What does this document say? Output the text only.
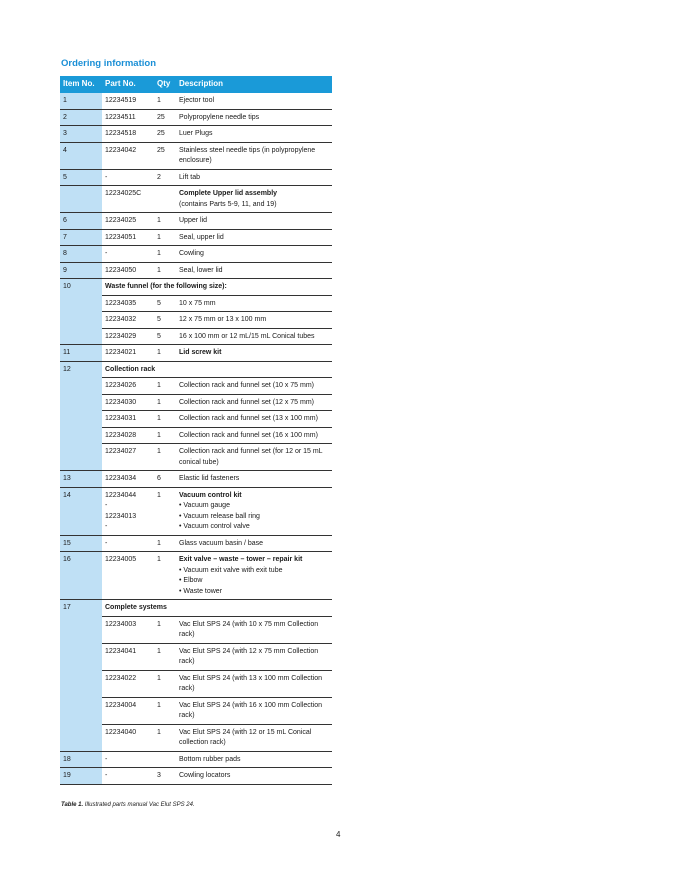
Ordering information
Item No.	Part No.	Qty	Description
1	12234519	1	Ejector tool

2	12234511	25	Polypropylene needle tips

3	12234518	25	Luer Plugs

4	12234042	25	Stainless steel needle tips (in polypropylene enclosure)

5	-	2	Lift tab

	12234025C		Complete Upper lid assembly
(contains Parts 5-9, 11, and 19)

6	12234025	1	Upper lid

7	12234051	1	Seal, upper lid

8	-	1	Cowling

9	12234050	1	Seal, lower lid

10	Waste funnel (for the following size):		

	12234035	5	10 x 75 mm

	12234032	5	12 x 75 mm or 13 x 100 mm

	12234029	5	16 x 100 mm or 12 mL/15 mL Conical tubes

11	12234021	1	Lid screw kit

12	Collection rack		

	12234026	1	Collection rack and funnel set (10 x 75 mm)

	12234030	1	Collection rack and funnel set (12 x 75 mm)

	12234031	1	Collection rack and funnel set (13 x 100 mm)

	12234028	1	Collection rack and funnel set (16 x 100 mm)

	12234027	1	Collection rack and funnel set (for 12 or 15 mL conical tube)

13	12234034	6	Elastic lid fasteners

14	12234044
-
12234013
-	1	Vacuum control kit
• Vacuum gauge
• Vacuum release ball ring
• Vacuum control valve

15	-	1	Glass vacuum basin / base

16	12234005	1	Exit valve – waste – tower – repair kit
• Vacuum exit valve with exit tube
• Elbow
• Waste tower

17	Complete systems		

	12234003	1	Vac Elut SPS 24 (with 10 x 75 mm Collection rack)

	12234041	1	Vac Elut SPS 24 (with 12 x 75 mm Collection rack)

	12234022	1	Vac Elut SPS 24 (with 13 x 100 mm Collection rack)

	12234004	1	Vac Elut SPS 24 (with 16 x 100 mm Collection rack)

	12234040	1	Vac Elut SPS 24 (with 12 or 15 mL Conical collection rack)

18	-		Bottom rubber pads

19	-	3	Cowling locators
Table 1. Illustrated parts manual Vac Elut SPS 24.
4
